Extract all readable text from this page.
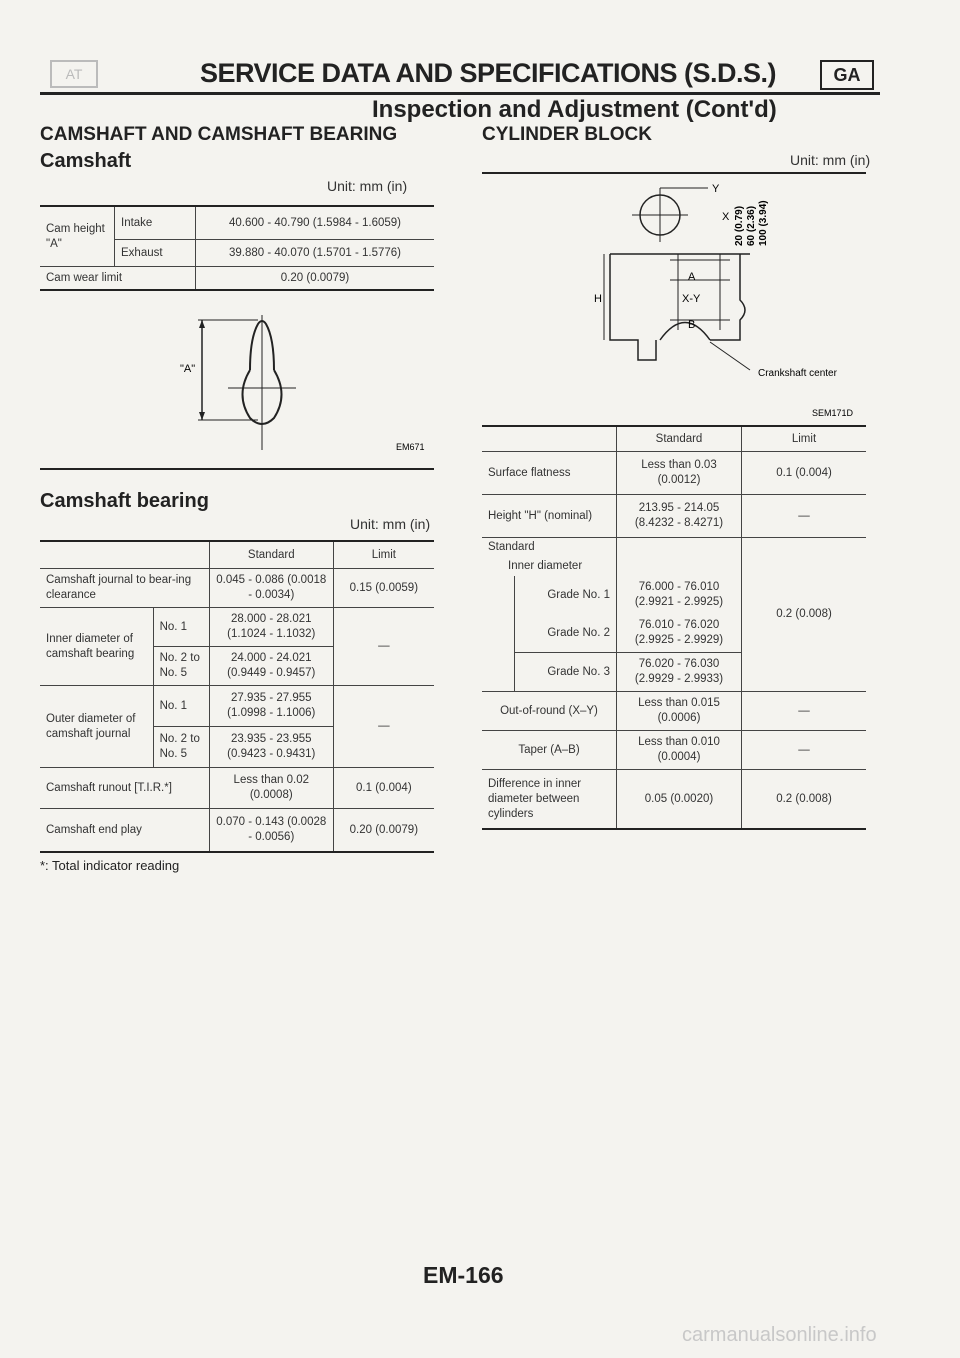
AT	SERVICE DATA AND SPECIFICATIONS (S.D.S.)	GA
Inspection and Adjustment (Cont'd)
CAMSHAFT AND CAMSHAFT BEARING
Camshaft
Unit: mm (in)
Cam height "A"	Intake	40.600 - 40.790 (1.5984 - 1.6059)
	Exhaust	39.880 - 40.070 (1.5701 - 1.5776)
Cam wear limit		0.20 (0.0079)
"A"
EM671
Camshaft bearing
Unit: mm (in)
		Standard	Limit
Camshaft journal to bear-ing clearance		0.045 - 0.086 (0.0018 - 0.0034)	0.15 (0.0059)
Inner diameter of camshaft bearing	No. 1	28.000 - 28.021 (1.1024 - 1.1032)	—
	No. 2 to No. 5	24.000 - 24.021 (0.9449 - 0.9457)	
Outer diameter of camshaft journal	No. 1	27.935 - 27.955 (1.0998 - 1.1006)	—
	No. 2 to No. 5	23.935 - 23.955 (0.9423 - 0.9431)	
Camshaft runout [T.I.R.*]		Less than 0.02 (0.0008)	0.1 (0.004)
Camshaft end play		0.070 - 0.143 (0.0028 - 0.0056)	0.20 (0.0079)
*: Total indicator reading
CYLINDER BLOCK
Unit: mm (in)
Y
X 20 (0.79) 60 (2.36) 100 (3.94)
A
X-Y
B
H
Crankshaft center
SEM171D
		Standard	Limit
Surface flatness		Less than 0.03 (0.0012)	0.1 (0.004)
Height "H" (nominal)		213.95 - 214.05 (8.4232 - 8.4271)	—
Standard			0.2 (0.008)
Inner diameter			
	Grade No. 1	76.000 - 76.010 (2.9921 - 2.9925)	
	Grade No. 2	76.010 - 76.020 (2.9925 - 2.9929)	
	Grade No. 3	76.020 - 76.030 (2.9929 - 2.9933)	
Out-of-round (X–Y)		Less than 0.015 (0.0006)	—
Taper (A–B)		Less than 0.010 (0.0004)	—
Difference in inner diameter between cylinders		0.05 (0.0020)	0.2 (0.008)
EM-166
carmanualsonline.info
